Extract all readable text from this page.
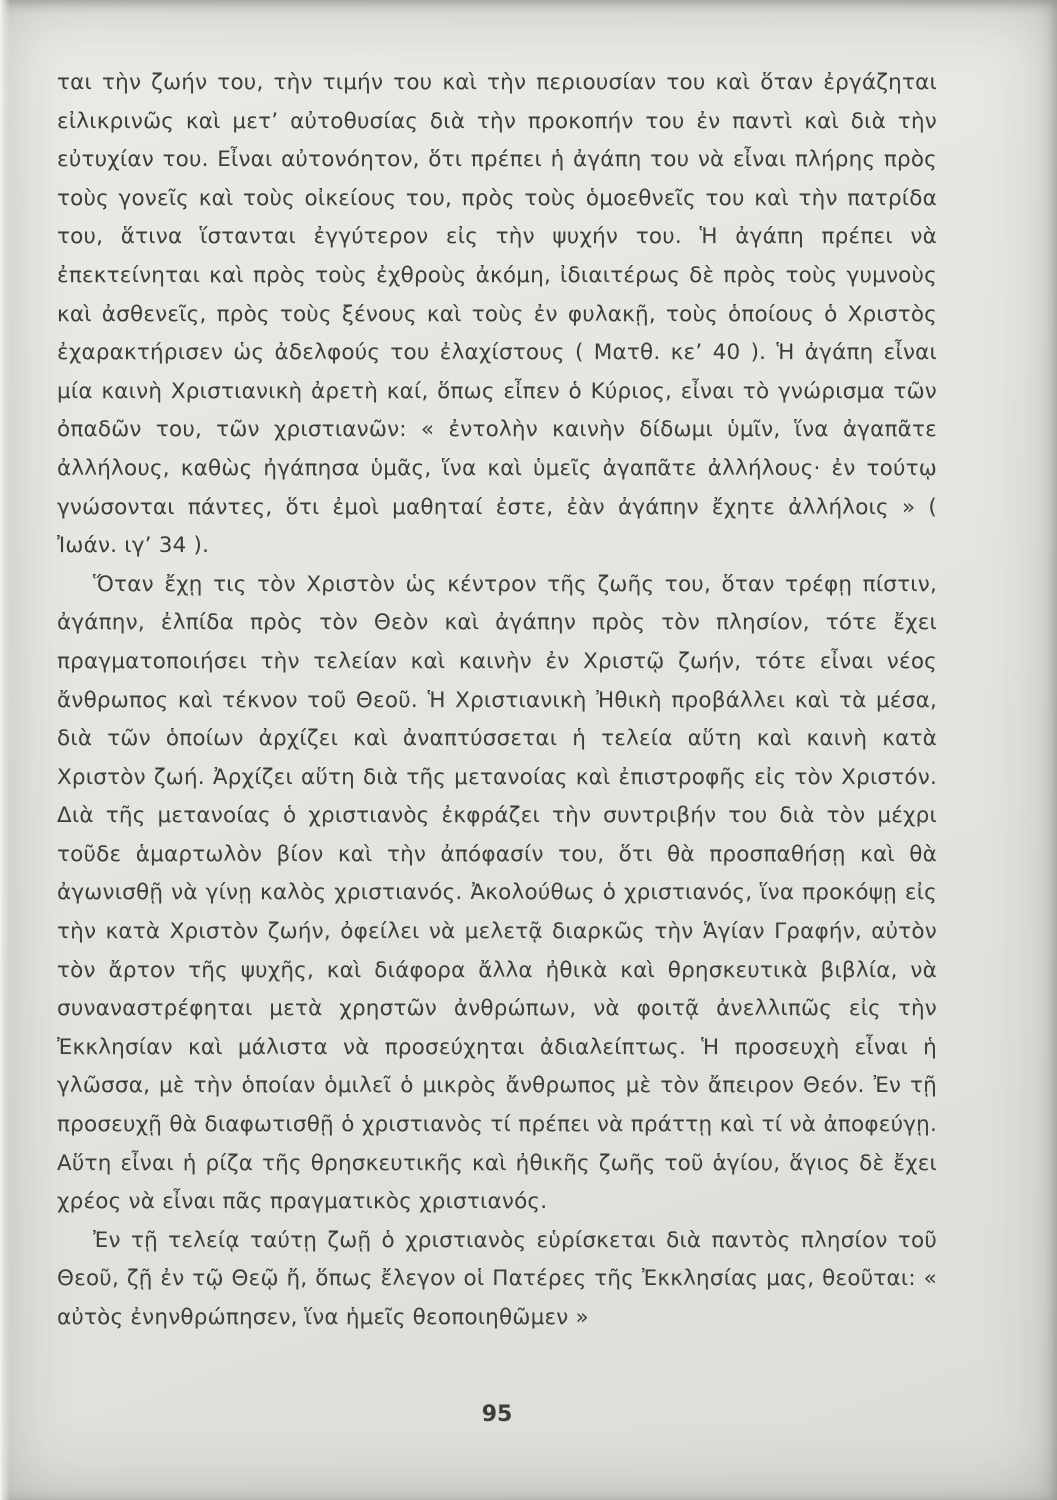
ται τὴν ζωήν του, τὴν τιμήν του καὶ τὴν περιουσίαν του καὶ ὅταν ἐργάζηται εἰλικρινῶς καὶ μετ’ αὐτοθυσίας διὰ τὴν προκοπήν του ἐν παντὶ καὶ διὰ τὴν εὐτυχίαν του. Εἶναι αὐτονόητον, ὅτι πρέπει ἡ ἀγάπη του νὰ εἶναι πλήρης πρὸς τοὺς γονεῖς καὶ τοὺς οἰκείους του, πρὸς τοὺς ὁμοεθνεῖς του καὶ τὴν πατρίδα του, ἅτινα ἵστανται ἐγγύτερον εἰς τὴν ψυχήν του. Ἡ ἀγάπη πρέπει νὰ ἐπεκτείνηται καὶ πρὸς τοὺς ἐχθροὺς ἀκόμη, ἰδιαιτέρως δὲ πρὸς τοὺς γυμνοὺς καὶ ἀσθενεῖς, πρὸς τοὺς ξένους καὶ τοὺς ἐν φυλακῇ, τοὺς ὁποίους ὁ Χριστὸς ἐχαρακτήρισεν ὡς ἀδελφούς του ἐλαχίστους ( Ματθ. κε’ 40 ). Ἡ ἀγάπη εἶναι μία καινὴ Χριστιανικὴ ἀρετὴ καί, ὅπως εἶπεν ὁ Κύριος, εἶναι τὸ γνώρισμα τῶν ὀπαδῶν του, τῶν χριστιανῶν: « ἐντολὴν καινὴν δίδωμι ὑμῖν, ἵνα ἀγαπᾶτε ἀλλήλους, καθὼς ἠγάπησα ὑμᾶς, ἵνα καὶ ὑμεῖς ἀγαπᾶτε ἀλλήλους· ἐν τούτῳ γνώσονται πάντες, ὅτι ἐμοὶ μαθηταί ἐστε, ἐὰν ἀγάπην ἔχητε ἀλλήλοις » ( Ἰωάν. ιγ’ 34 ).

Ὅταν ἔχῃ τις τὸν Χριστὸν ὡς κέντρον τῆς ζωῆς του, ὅταν τρέφῃ πίστιν, ἀγάπην, ἐλπίδα πρὸς τὸν Θεὸν καὶ ἀγάπην πρὸς τὸν πλησίον, τότε ἔχει πραγματοποιήσει τὴν τελείαν καὶ καινὴν ἐν Χριστῷ ζωήν, τότε εἶναι νέος ἄνθρωπος καὶ τέκνον τοῦ Θεοῦ. Ἡ Χριστιανικὴ Ἠθικὴ προβάλλει καὶ τὰ μέσα, διὰ τῶν ὁποίων ἀρχίζει καὶ ἀναπτύσσεται ἡ τελεία αὕτη καὶ καινὴ κατὰ Χριστὸν ζωή. Ἀρχίζει αὕτη διὰ τῆς μετανοίας καὶ ἐπιστροφῆς εἰς τὸν Χριστόν. Διὰ τῆς μετανοίας ὁ χριστιανὸς ἐκφράζει τὴν συντριβήν του διὰ τὸν μέχρι τοῦδε ἁμαρτωλὸν βίον καὶ τὴν ἀπόφασίν του, ὅτι θὰ προσπαθήσῃ καὶ θὰ ἀγωνισθῇ νὰ γίνῃ καλὸς χριστιανός. Ἀκολούθως ὁ χριστιανός, ἵνα προκόψῃ εἰς τὴν κατὰ Χριστὸν ζωήν, ὀφείλει νὰ μελετᾷ διαρκῶς τὴν Ἁγίαν Γραφήν, αὐτὸν τὸν ἄρτον τῆς ψυχῆς, καὶ διάφορα ἄλλα ἠθικὰ καὶ θρησκευτικὰ βιβλία, νὰ συναναστρέφηται μετὰ χρηστῶν ἀνθρώπων, νὰ φοιτᾷ ἀνελλιπῶς εἰς τὴν Ἐκκλησίαν καὶ μάλιστα νὰ προσεύχηται ἀδιαλείπτως. Ἡ προσευχὴ εἶναι ἡ γλῶσσα, μὲ τὴν ὁποίαν ὁμιλεῖ ὁ μικρὸς ἄνθρωπος μὲ τὸν ἄπειρον Θεόν. Ἐν τῇ προσευχῇ θὰ διαφωτισθῇ ὁ χριστιανὸς τί πρέπει νὰ πράττῃ καὶ τί νὰ ἀποφεύγῃ. Αὕτη εἶναι ἡ ρίζα τῆς θρησκευτικῆς καὶ ἠθικῆς ζωῆς τοῦ ἁγίου, ἅγιος δὲ ἔχει χρέος νὰ εἶναι πᾶς πραγματικὸς χριστιανός.

Ἐν τῇ τελείᾳ ταύτῃ ζωῇ ὁ χριστιανὸς εὑρίσκεται διὰ παντὸς πλησίον τοῦ Θεοῦ, ζῇ ἐν τῷ Θεῷ ἤ, ὅπως ἔλεγον οἱ Πατέρες τῆς Ἐκκλησίας μας, θεοῦται: « αὐτὸς ἐνηνθρώπησεν, ἵνα ἡμεῖς θεοποιηθῶμεν »

95
